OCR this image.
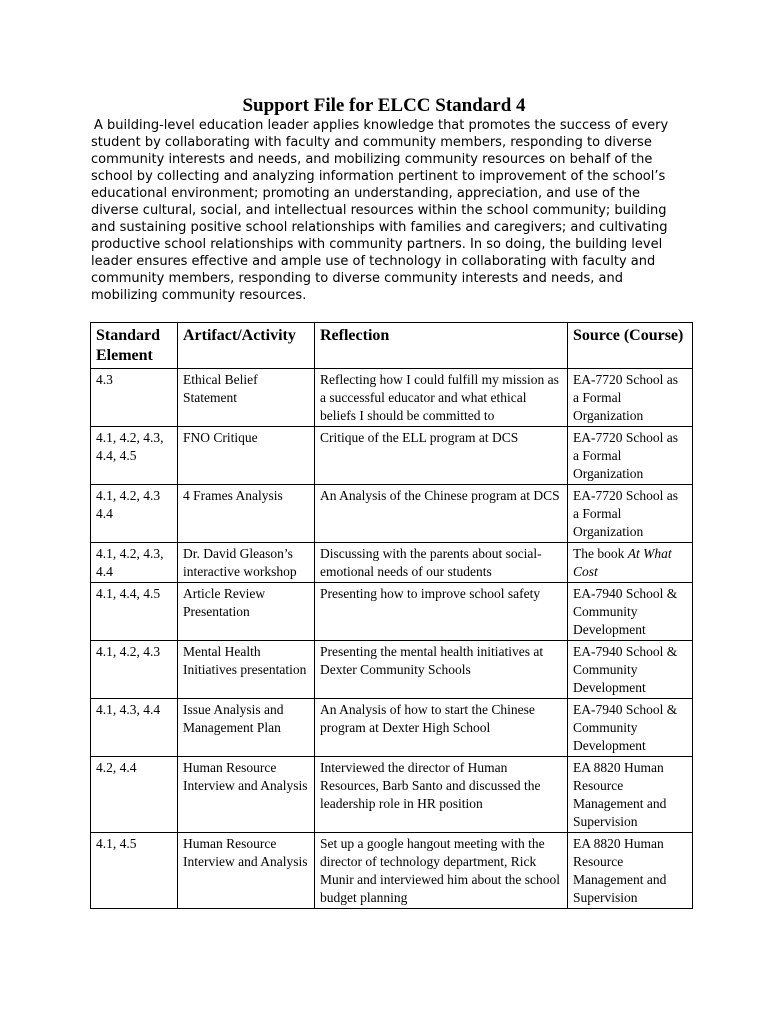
Support File for ELCC Standard 4

A building-level education leader applies knowledge that promotes the success of every student by collaborating with faculty and community members, responding to diverse community interests and needs, and mobilizing community resources on behalf of the school by collecting and analyzing information pertinent to improvement of the school’s educational environment; promoting an understanding, appreciation, and use of the diverse cultural, social, and intellectual resources within the school community; building and sustaining positive school relationships with families and caregivers; and cultivating productive school relationships with community partners. In so doing, the building level leader ensures effective and ample use of technology in collaborating with faculty and community members, responding to diverse community interests and needs, and mobilizing community resources.

Standard Element	Artifact/Activity	Reflection	Source (Course)
4.3	Ethical Belief Statement	Reflecting how I could fulfill my mission as a successful educator and what ethical beliefs I should be committed to	EA-7720 School as a Formal Organization
4.1, 4.2, 4.3, 4.4, 4.5	FNO Critique	Critique of the ELL program at DCS	EA-7720 School as a Formal Organization
4.1, 4.2, 4.3 4.4	4 Frames Analysis	An Analysis of the Chinese program at DCS	EA-7720 School as a Formal Organization
4.1, 4.2, 4.3, 4.4	Dr. David Gleason’s interactive workshop	Discussing with the parents about social-emotional needs of our students	The book At What Cost
4.1, 4.4, 4.5	Article Review Presentation	Presenting how to improve school safety	EA-7940 School & Community Development
4.1, 4.2, 4.3	Mental Health Initiatives presentation	Presenting the mental health initiatives at Dexter Community Schools	EA-7940 School & Community Development
4.1, 4.3, 4.4	Issue Analysis and Management Plan	An Analysis of how to start the Chinese program at Dexter High School	EA-7940 School & Community Development
4.2, 4.4	Human Resource Interview and Analysis	Interviewed the director of Human Resources, Barb Santo and discussed the leadership role in HR position	EA 8820 Human Resource Management and Supervision
4.1, 4.5	Human Resource Interview and Analysis	Set up a google hangout meeting with the director of technology department, Rick Munir and interviewed him about the school budget planning	EA 8820 Human Resource Management and Supervision
